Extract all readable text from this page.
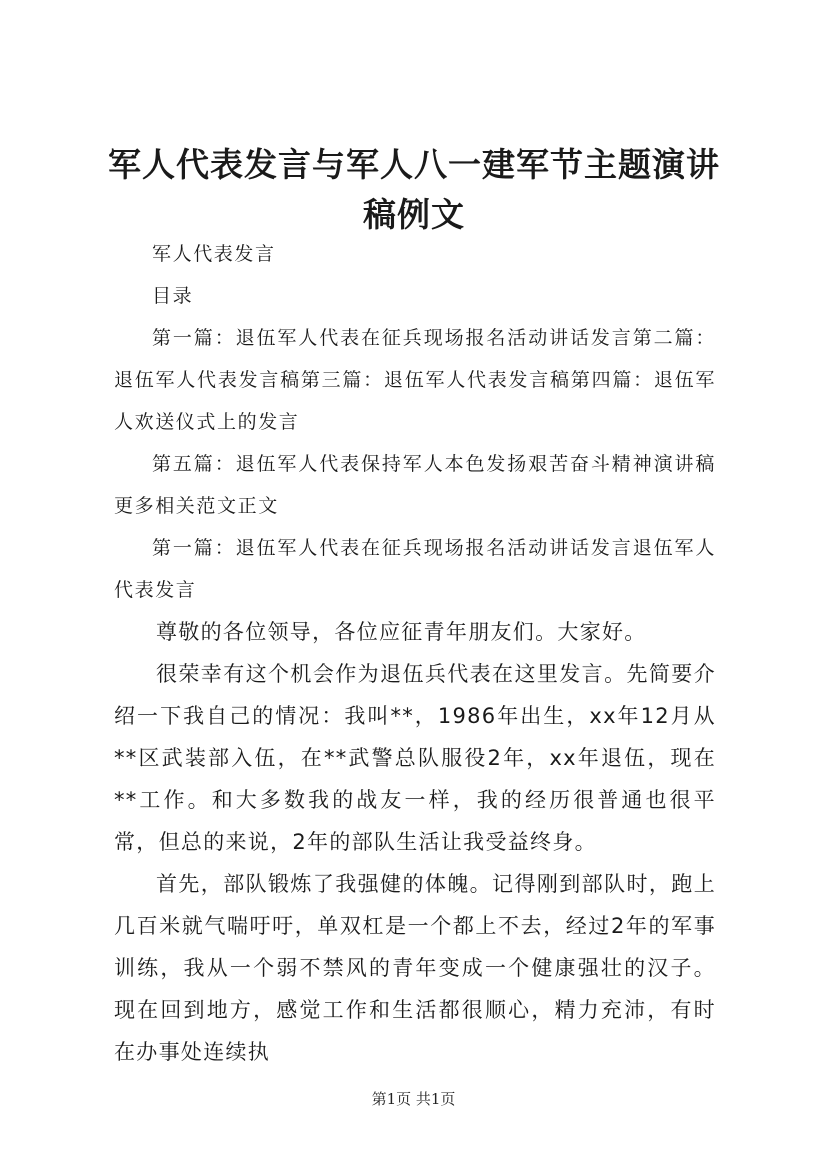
军人代表发言与军人八一建军节主题演讲稿例文

军人代表发言

目录

第一篇：退伍军人代表在征兵现场报名活动讲话发言第二篇：退伍军人代表发言稿第三篇：退伍军人代表发言稿第四篇：退伍军人欢送仪式上的发言

第五篇：退伍军人代表保持军人本色发扬艰苦奋斗精神演讲稿更多相关范文正文

第一篇：退伍军人代表在征兵现场报名活动讲话发言退伍军人代表发言

尊敬的各位领导，各位应征青年朋友们。大家好。

很荣幸有这个机会作为退伍兵代表在这里发言。先简要介绍一下我自己的情况：我叫**，1986年出生，xx年12月从**区武装部入伍，在**武警总队服役2年，xx年退伍，现在**工作。和大多数我的战友一样，我的经历很普通也很平常，但总的来说，2年的部队生活让我受益终身。

首先，部队锻炼了我强健的体魄。记得刚到部队时，跑上几百米就气喘吁吁，单双杠是一个都上不去，经过2年的军事训练，我从一个弱不禁风的青年变成一个健康强壮的汉子。现在回到地方，感觉工作和生活都很顺心，精力充沛，有时在办事处连续执

第1页 共1页
